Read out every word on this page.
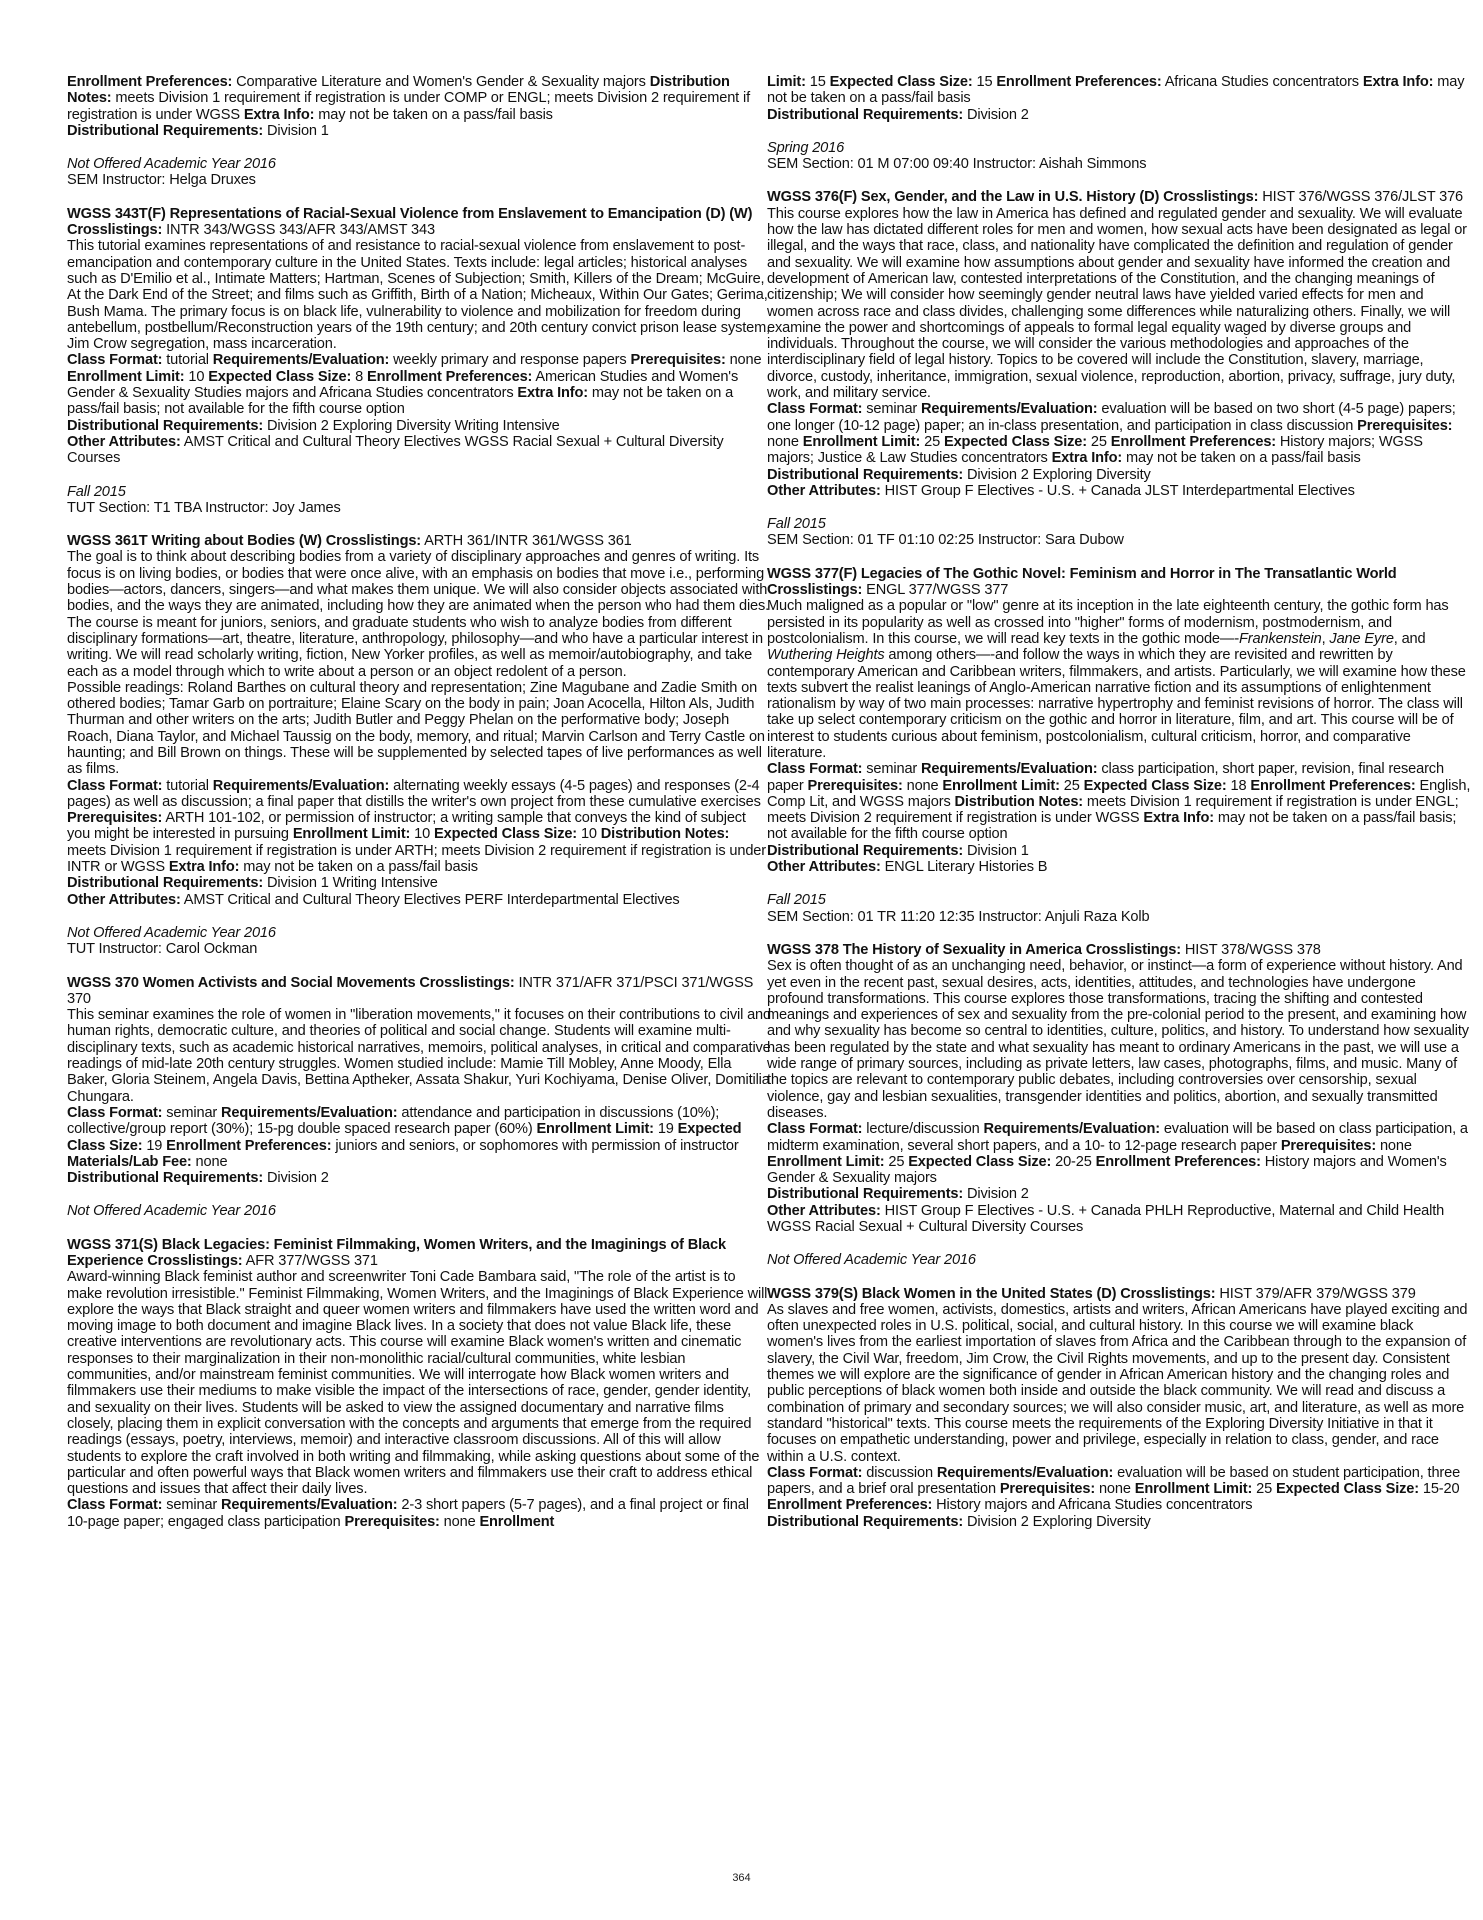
Enrollment Preferences: Comparative Literature and Women's Gender & Sexuality majors Distribution Notes: meets Division 1 requirement if registration is under COMP or ENGL; meets Division 2 requirement if registration is under WGSS Extra Info: may not be taken on a pass/fail basis

Distributional Requirements: Division 1

Not Offered Academic Year 2016

SEM Instructor: Helga Druxes

WGSS 343T(F) Representations of Racial-Sexual Violence from Enslavement to Emancipation (D) (W) Crosslistings: INTR 343/WGSS 343/AFR 343/AMST 343

This tutorial examines representations of and resistance to racial-sexual violence from enslavement to post-emancipation and contemporary culture in the United States. Texts include: legal articles; historical analyses such as D'Emilio et al., Intimate Matters; Hartman, Scenes of Subjection; Smith, Killers of the Dream; McGuire, At the Dark End of the Street; and films such as Griffith, Birth of a Nation; Micheaux, Within Our Gates; Gerima, Bush Mama. The primary focus is on black life, vulnerability to violence and mobilization for freedom during antebellum, postbellum/Reconstruction years of the 19th century; and 20th century convict prison lease system, Jim Crow segregation, mass incarceration.

Class Format: tutorial Requirements/Evaluation: weekly primary and response papers Prerequisites: none Enrollment Limit: 10 Expected Class Size: 8 Enrollment Preferences: American Studies and Women's Gender & Sexuality Studies majors and Africana Studies concentrators Extra Info: may not be taken on a pass/fail basis; not available for the fifth course option

Distributional Requirements: Division 2 Exploring Diversity Writing Intensive

Other Attributes: AMST Critical and Cultural Theory Electives WGSS Racial Sexual + Cultural Diversity Courses

Fall 2015

TUT Section: T1 TBA Instructor: Joy James

WGSS 361T Writing about Bodies (W) Crosslistings: ARTH 361/INTR 361/WGSS 361

The goal is to think about describing bodies from a variety of disciplinary approaches and genres of writing. Its focus is on living bodies, or bodies that were once alive, with an emphasis on bodies that move i.e., performing bodies—actors, dancers, singers—and what makes them unique. We will also consider objects associated with bodies, and the ways they are animated, including how they are animated when the person who had them dies. The course is meant for juniors, seniors, and graduate students who wish to analyze bodies from different disciplinary formations—art, theatre, literature, anthropology, philosophy—and who have a particular interest in writing. We will read scholarly writing, fiction, New Yorker profiles, as well as memoir/autobiography, and take each as a model through which to write about a person or an object redolent of a person.

Possible readings: Roland Barthes on cultural theory and representation; Zine Magubane and Zadie Smith on othered bodies; Tamar Garb on portraiture; Elaine Scary on the body in pain; Joan Acocella, Hilton Als, Judith Thurman and other writers on the arts; Judith Butler and Peggy Phelan on the performative body; Joseph Roach, Diana Taylor, and Michael Taussig on the body, memory, and ritual; Marvin Carlson and Terry Castle on haunting; and Bill Brown on things. These will be supplemented by selected tapes of live performances as well as films.

Class Format: tutorial Requirements/Evaluation: alternating weekly essays (4-5 pages) and responses (2-4 pages) as well as discussion; a final paper that distills the writer's own project from these cumulative exercises Prerequisites: ARTH 101-102, or permission of instructor; a writing sample that conveys the kind of subject you might be interested in pursuing Enrollment Limit: 10 Expected Class Size: 10 Distribution Notes: meets Division 1 requirement if registration is under ARTH; meets Division 2 requirement if registration is under INTR or WGSS Extra Info: may not be taken on a pass/fail basis

Distributional Requirements: Division 1 Writing Intensive

Other Attributes: AMST Critical and Cultural Theory Electives PERF Interdepartmental Electives

Not Offered Academic Year 2016

TUT Instructor: Carol Ockman

WGSS 370 Women Activists and Social Movements Crosslistings: INTR 371/AFR 371/PSCI 371/WGSS 370

This seminar examines the role of women in "liberation movements," it focuses on their contributions to civil and human rights, democratic culture, and theories of political and social change. Students will examine multi-disciplinary texts, such as academic historical narratives, memoirs, political analyses, in critical and comparative readings of mid-late 20th century struggles. Women studied include: Mamie Till Mobley, Anne Moody, Ella Baker, Gloria Steinem, Angela Davis, Bettina Aptheker, Assata Shakur, Yuri Kochiyama, Denise Oliver, Domitilia Chungara.

Class Format: seminar Requirements/Evaluation: attendance and participation in discussions (10%); collective/group report (30%); 15-pg double spaced research paper (60%) Enrollment Limit: 19 Expected Class Size: 19 Enrollment Preferences: juniors and seniors, or sophomores with permission of instructor Materials/Lab Fee: none

Distributional Requirements: Division 2

Not Offered Academic Year 2016

WGSS 371(S) Black Legacies: Feminist Filmmaking, Women Writers, and the Imaginings of Black Experience Crosslistings: AFR 377/WGSS 371

Award-winning Black feminist author and screenwriter Toni Cade Bambara said, "The role of the artist is to make revolution irresistible." Feminist Filmmaking, Women Writers, and the Imaginings of Black Experience will explore the ways that Black straight and queer women writers and filmmakers have used the written word and moving image to both document and imagine Black lives. In a society that does not value Black life, these creative interventions are revolutionary acts. This course will examine Black women's written and cinematic responses to their marginalization in their non-monolithic racial/cultural communities, white lesbian communities, and/or mainstream feminist communities. We will interrogate how Black women writers and filmmakers use their mediums to make visible the impact of the intersections of race, gender, gender identity, and sexuality on their lives. Students will be asked to view the assigned documentary and narrative films closely, placing them in explicit conversation with the concepts and arguments that emerge from the required readings (essays, poetry, interviews, memoir) and interactive classroom discussions. All of this will allow students to explore the craft involved in both writing and filmmaking, while asking questions about some of the particular and often powerful ways that Black women writers and filmmakers use their craft to address ethical questions and issues that affect their daily lives.

Class Format: seminar Requirements/Evaluation: 2-3 short papers (5-7 pages), and a final project or final 10-page paper; engaged class participation Prerequisites: none Enrollment

Limit: 15 Expected Class Size: 15 Enrollment Preferences: Africana Studies concentrators Extra Info: may not be taken on a pass/fail basis

Distributional Requirements: Division 2

Spring 2016

SEM Section: 01 M 07:00 09:40 Instructor: Aishah Simmons

WGSS 376(F) Sex, Gender, and the Law in U.S. History (D) Crosslistings: HIST 376/WGSS 376/JLST 376

This course explores how the law in America has defined and regulated gender and sexuality. We will evaluate how the law has dictated different roles for men and women, how sexual acts have been designated as legal or illegal, and the ways that race, class, and nationality have complicated the definition and regulation of gender and sexuality. We will examine how assumptions about gender and sexuality have informed the creation and development of American law, contested interpretations of the Constitution, and the changing meanings of citizenship; We will consider how seemingly gender neutral laws have yielded varied effects for men and women across race and class divides, challenging some differences while naturalizing others. Finally, we will examine the power and shortcomings of appeals to formal legal equality waged by diverse groups and individuals. Throughout the course, we will consider the various methodologies and approaches of the interdisciplinary field of legal history. Topics to be covered will include the Constitution, slavery, marriage, divorce, custody, inheritance, immigration, sexual violence, reproduction, abortion, privacy, suffrage, jury duty, work, and military service.

Class Format: seminar Requirements/Evaluation: evaluation will be based on two short (4-5 page) papers; one longer (10-12 page) paper; an in-class presentation, and participation in class discussion Prerequisites: none Enrollment Limit: 25 Expected Class Size: 25 Enrollment Preferences: History majors; WGSS majors; Justice & Law Studies concentrators Extra Info: may not be taken on a pass/fail basis

Distributional Requirements: Division 2 Exploring Diversity

Other Attributes: HIST Group F Electives - U.S. + Canada JLST Interdepartmental Electives

Fall 2015

SEM Section: 01 TF 01:10 02:25 Instructor: Sara Dubow

WGSS 377(F) Legacies of The Gothic Novel: Feminism and Horror in The Transatlantic World Crosslistings: ENGL 377/WGSS 377

Much maligned as a popular or "low" genre at its inception in the late eighteenth century, the gothic form has persisted in its popularity as well as crossed into "higher" forms of modernism, postmodernism, and postcolonialism. In this course, we will read key texts in the gothic mode—-Frankenstein, Jane Eyre, and Wuthering Heights among others—-and follow the ways in which they are revisited and rewritten by contemporary American and Caribbean writers, filmmakers, and artists. Particularly, we will examine how these texts subvert the realist leanings of Anglo-American narrative fiction and its assumptions of enlightenment rationalism by way of two main processes: narrative hypertrophy and feminist revisions of horror. The class will take up select contemporary criticism on the gothic and horror in literature, film, and art. This course will be of interest to students curious about feminism, postcolonialism, cultural criticism, horror, and comparative literature.

Class Format: seminar Requirements/Evaluation: class participation, short paper, revision, final research paper Prerequisites: none Enrollment Limit: 25 Expected Class Size: 18 Enrollment Preferences: English, Comp Lit, and WGSS majors Distribution Notes: meets Division 1 requirement if registration is under ENGL; meets Division 2 requirement if registration is under WGSS Extra Info: may not be taken on a pass/fail basis; not available for the fifth course option

Distributional Requirements: Division 1

Other Attributes: ENGL Literary Histories B

Fall 2015

SEM Section: 01 TR 11:20 12:35 Instructor: Anjuli Raza Kolb

WGSS 378 The History of Sexuality in America Crosslistings: HIST 378/WGSS 378

Sex is often thought of as an unchanging need, behavior, or instinct—a form of experience without history. And yet even in the recent past, sexual desires, acts, identities, attitudes, and technologies have undergone profound transformations. This course explores those transformations, tracing the shifting and contested meanings and experiences of sex and sexuality from the pre-colonial period to the present, and examining how and why sexuality has become so central to identities, culture, politics, and history. To understand how sexuality has been regulated by the state and what sexuality has meant to ordinary Americans in the past, we will use a wide range of primary sources, including as private letters, law cases, photographs, films, and music. Many of the topics are relevant to contemporary public debates, including controversies over censorship, sexual violence, gay and lesbian sexualities, transgender identities and politics, abortion, and sexually transmitted diseases.

Class Format: lecture/discussion Requirements/Evaluation: evaluation will be based on class participation, a midterm examination, several short papers, and a 10- to 12-page research paper Prerequisites: none Enrollment Limit: 25 Expected Class Size: 20-25 Enrollment Preferences: History majors and Women's Gender & Sexuality majors

Distributional Requirements: Division 2

Other Attributes: HIST Group F Electives - U.S. + Canada PHLH Reproductive, Maternal and Child Health WGSS Racial Sexual + Cultural Diversity Courses

Not Offered Academic Year 2016

WGSS 379(S) Black Women in the United States (D) Crosslistings: HIST 379/AFR 379/WGSS 379

As slaves and free women, activists, domestics, artists and writers, African Americans have played exciting and often unexpected roles in U.S. political, social, and cultural history. In this course we will examine black women's lives from the earliest importation of slaves from Africa and the Caribbean through to the expansion of slavery, the Civil War, freedom, Jim Crow, the Civil Rights movements, and up to the present day. Consistent themes we will explore are the significance of gender in African American history and the changing roles and public perceptions of black women both inside and outside the black community. We will read and discuss a combination of primary and secondary sources; we will also consider music, art, and literature, as well as more standard "historical" texts. This course meets the requirements of the Exploring Diversity Initiative in that it focuses on empathetic understanding, power and privilege, especially in relation to class, gender, and race within a U.S. context.

Class Format: discussion Requirements/Evaluation: evaluation will be based on student participation, three papers, and a brief oral presentation Prerequisites: none Enrollment Limit: 25 Expected Class Size: 15-20 Enrollment Preferences: History majors and Africana Studies concentrators

Distributional Requirements: Division 2 Exploring Diversity

364
